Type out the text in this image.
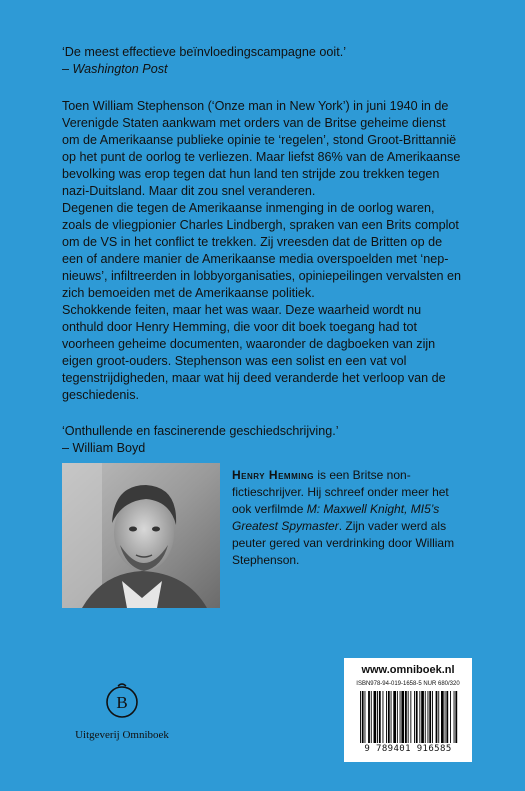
‘De meest effectieve beïnvloedingscampagne ooit.’
– Washington Post

Toen William Stephenson (‘Onze man in New York’) in juni 1940 in de Verenigde Staten aankwam met orders van de Britse geheime dienst om de Amerikaanse publieke opinie te ‘regelen’, stond Groot-Brittannië op het punt de oorlog te verliezen. Maar liefst 86% van de Amerikaanse bevolking was erop tegen dat hun land ten strijde zou trekken tegen nazi-Duitsland. Maar dit zou snel veranderen.

Degenen die tegen de Amerikaanse inmenging in de oorlog waren, zoals de vliegpionier Charles Lindbergh, spraken van een Brits complot om de VS in het conflict te trekken. Zij vreesden dat de Britten op de een of andere manier de Amerikaanse media overspoelden met ‘nep-nieuws’, infiltreerden in lobbyorganisaties, opiniepeilingen vervalsten en zich bemoeiden met de Amerikaanse politiek.

Schokkende feiten, maar het was waar. Deze waarheid wordt nu onthuld door Henry Hemming, die voor dit boek toegang had tot voorheen geheime documenten, waaronder de dagboeken van zijn eigen groot-ouders. Stephenson was een solist en een vat vol tegenstrijdigheden, maar wat hij deed veranderde het verloop van de geschiedenis.

‘Onthullende en fascinerende geschiedschrijving.’
– William Boyd
Henry Hemming is een Britse non-fictieschrijver. Hij schreef onder meer het ook verfilmde M: Maxwell Knight, MI5’s Greatest Spymaster. Zijn vader werd als peuter gered van verdrinking door William Stephenson.
B
Uitgeverij Omniboek
www.omniboek.nl
ISBN978-94-019-1658-5 NUR 680/320
9 789401 916585
